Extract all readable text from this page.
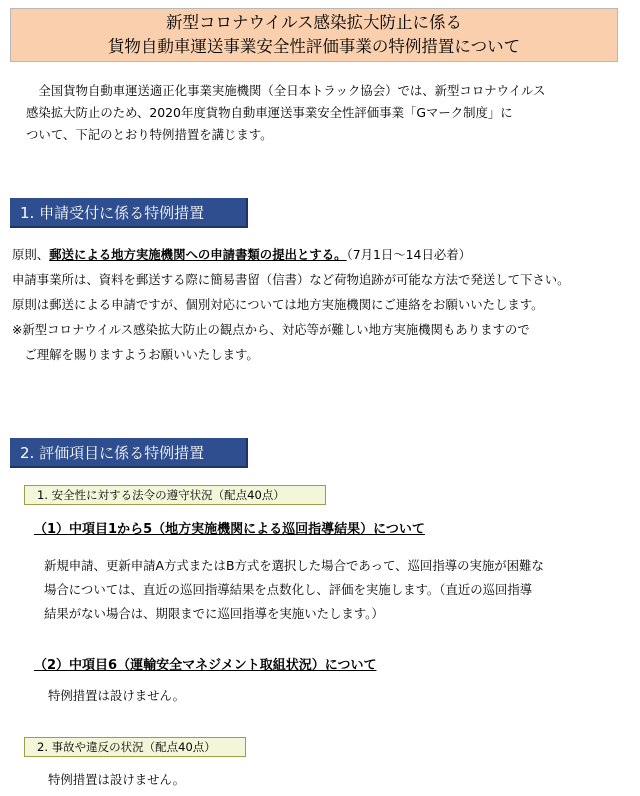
新型コロナウイルス感染拡大防止に係る
貨物自動車運送事業安全性評価事業の特例措置について
　全国貨物自動車運送適正化事業実施機関（全日本トラック協会）では、新型コロナウイルス
感染拡大防止のため、2020年度貨物自動車運送事業安全性評価事業「Gマーク制度」に
ついて、下記のとおり特例措置を講じます。
1. 申請受付に係る特例措置
原則、郵送による地方実施機関への申請書類の提出とする。（7月1日～14日必着）
申請事業所は、資料を郵送する際に簡易書留（信書）など荷物追跡が可能な方法で発送して下さい。
原則は郵送による申請ですが、個別対応については地方実施機関にご連絡をお願いいたします。
※新型コロナウイルス感染拡大防止の観点から、対応等が難しい地方実施機関もありますので
　ご理解を賜りますようお願いいたします。
2. 評価項目に係る特例措置
1. 安全性に対する法令の遵守状況（配点40点）
（1）中項目1から5（地方実施機関による巡回指導結果）について
新規申請、更新申請A方式またはB方式を選択した場合であって、巡回指導の実施が困難な
場合については、直近の巡回指導結果を点数化し、評価を実施します。（直近の巡回指導
結果がない場合は、期限までに巡回指導を実施いたします。）
（2）中項目6（運輸安全マネジメント取組状況）について
特例措置は設けません。
2. 事故や違反の状況（配点40点）
特例措置は設けません。
